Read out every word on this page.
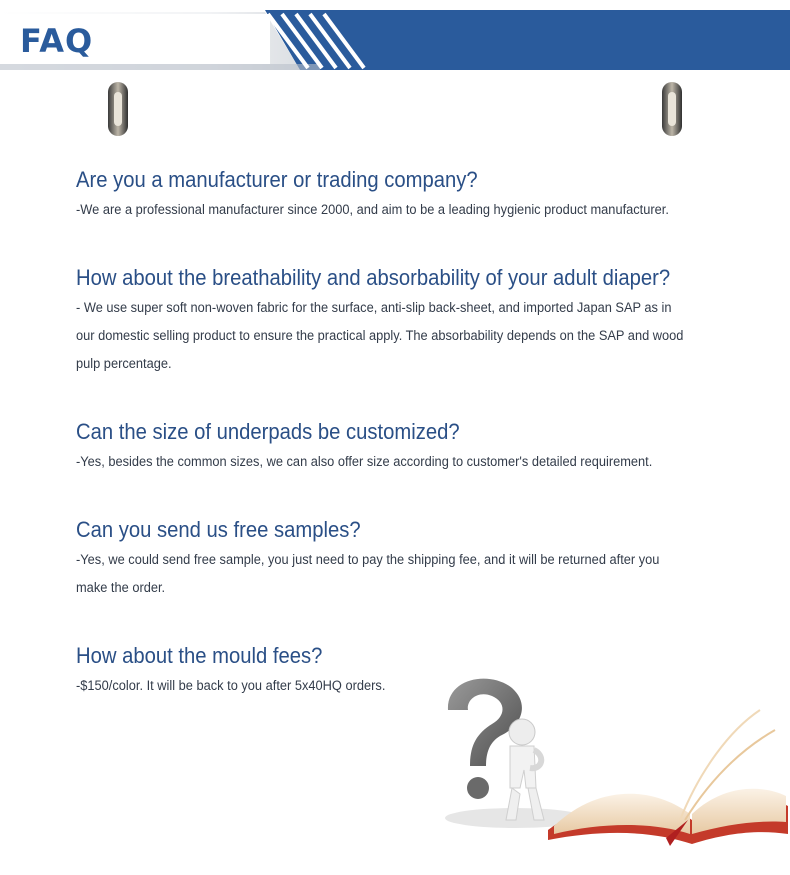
FAQ
Are you a manufacturer or trading company?

-We are a professional manufacturer since 2000, and aim to be a leading hygienic product manufacturer.

How about the breathability and absorbability of your adult diaper?

- We use super soft non-woven fabric for the surface, anti-slip back-sheet, and imported Japan SAP as in our domestic selling product to ensure the practical apply. The absorbability depends on the SAP and wood pulp percentage.

Can the size of underpads be customized?

-Yes, besides the common sizes, we can also offer size according to customer's detailed requirement.

Can you send us free samples?

-Yes, we could send free sample, you just need to pay the shipping fee, and it will be returned after you make the order.

How about the mould fees?

-$150/color. It will be back to you after 5x40HQ orders.
